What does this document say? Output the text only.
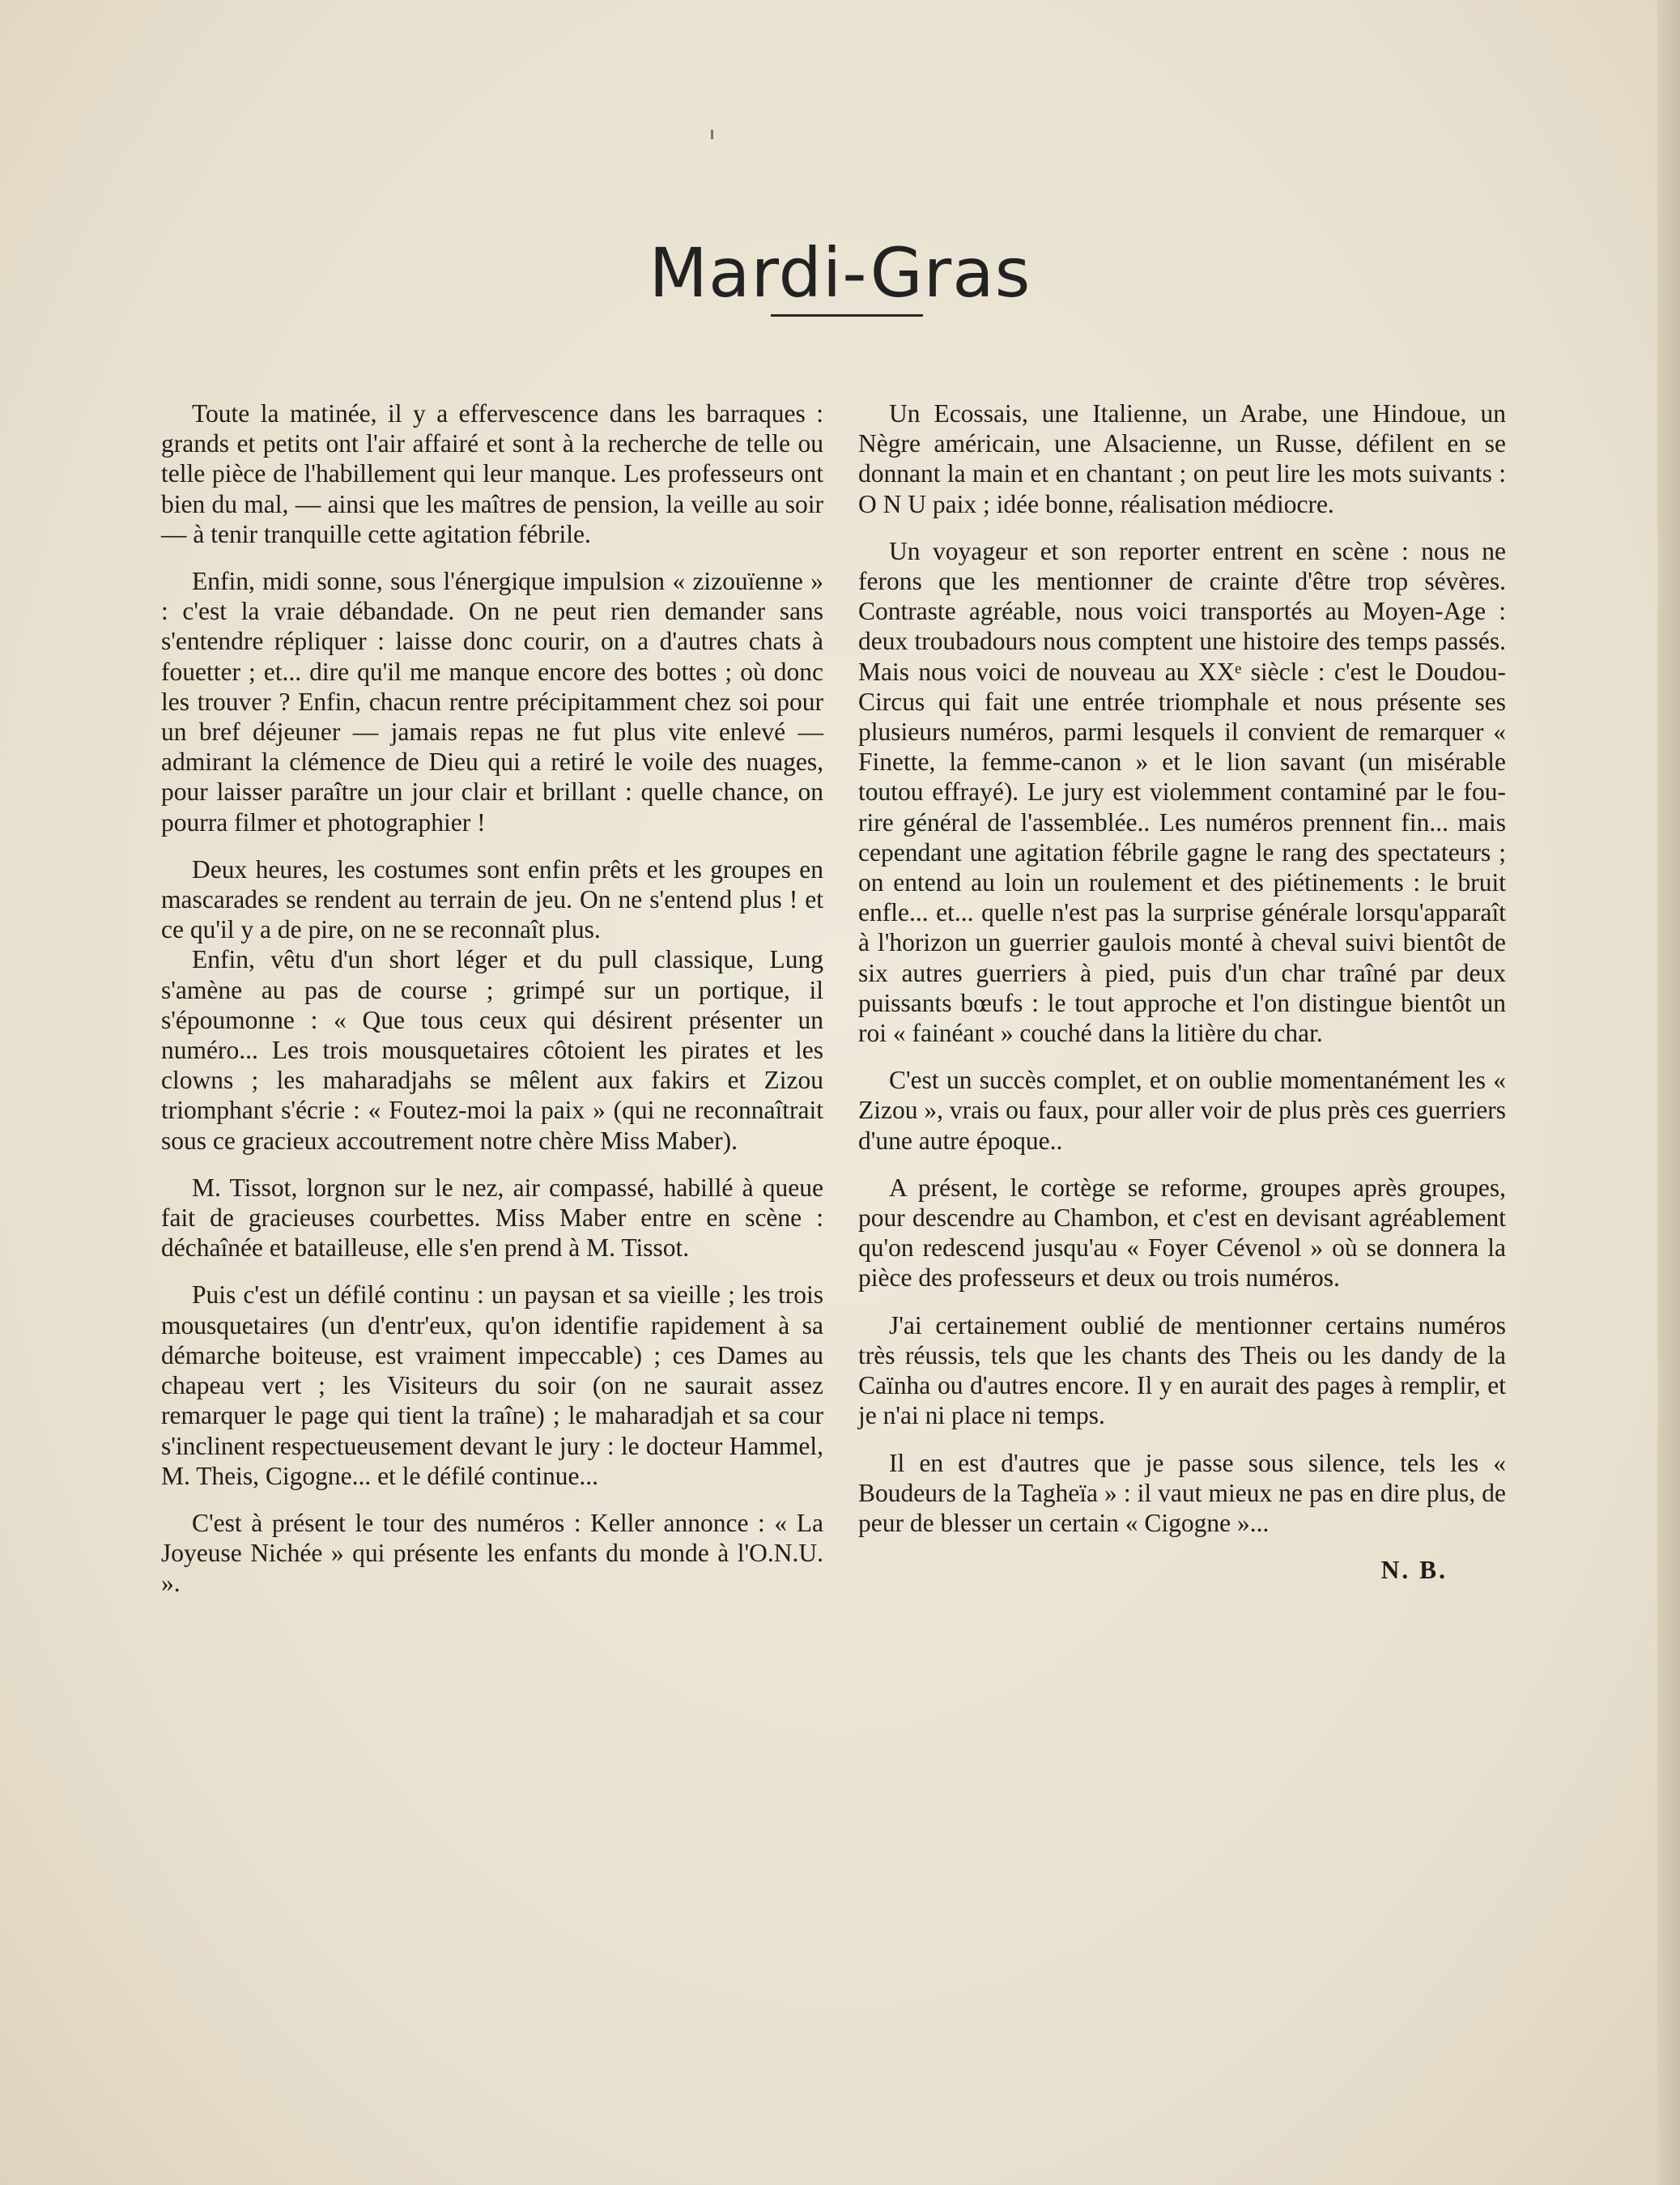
Mardi-Gras

Toute la matinée, il y a effervescence dans les barraques : grands et petits ont l'air affairé et sont à la recherche de telle ou telle pièce de l'habillement qui leur manque. Les professeurs ont bien du mal, — ainsi que les maîtres de pension, la veille au soir — à tenir tranquille cette agitation fébrile.

Enfin, midi sonne, sous l'énergique impulsion « zizouïenne » : c'est la vraie débandade. On ne peut rien demander sans s'entendre répliquer : laisse donc courir, on a d'autres chats à fouetter ; et... dire qu'il me manque encore des bottes ; où donc les trouver ? Enfin, chacun rentre précipitamment chez soi pour un bref déjeuner — jamais repas ne fut plus vite enlevé — admirant la clémence de Dieu qui a retiré le voile des nuages, pour laisser paraître un jour clair et brillant : quelle chance, on pourra filmer et photographier !

Deux heures, les costumes sont enfin prêts et les groupes en mascarades se rendent au terrain de jeu. On ne s'entend plus ! et ce qu'il y a de pire, on ne se reconnaît plus.

Enfin, vêtu d'un short léger et du pull classique, Lung s'amène au pas de course ; grimpé sur un portique, il s'époumonne : « Que tous ceux qui désirent présenter un numéro... Les trois mousquetaires côtoient les pirates et les clowns ; les maharadjahs se mêlent aux fakirs et Zizou triomphant s'écrie : « Foutez-moi la paix » (qui ne reconnaîtrait sous ce gracieux accoutrement notre chère Miss Maber).

M. Tissot, lorgnon sur le nez, air compassé, habillé à queue fait de gracieuses courbettes. Miss Maber entre en scène : déchaînée et batailleuse, elle s'en prend à M. Tissot.

Puis c'est un défilé continu : un paysan et sa vieille ; les trois mousquetaires (un d'entr'eux, qu'on identifie rapidement à sa démarche boiteuse, est vraiment impeccable) ; ces Dames au chapeau vert ; les Visiteurs du soir (on ne saurait assez remarquer le page qui tient la traîne) ; le maharadjah et sa cour s'inclinent respectueusement devant le jury : le docteur Hammel, M. Theis, Cigogne... et le défilé continue...

C'est à présent le tour des numéros : Keller annonce : « La Joyeuse Nichée » qui présente les enfants du monde à l'O.N.U. ».

Un Ecossais, une Italienne, un Arabe, une Hindoue, un Nègre américain, une Alsacienne, un Russe, défilent en se donnant la main et en chantant ; on peut lire les mots suivants : O N U paix ; idée bonne, réalisation médiocre.

Un voyageur et son reporter entrent en scène : nous ne ferons que les mentionner de crainte d'être trop sévères. Contraste agréable, nous voici transportés au Moyen-Age : deux troubadours nous comptent une histoire des temps passés. Mais nous voici de nouveau au XXᵉ siècle : c'est le Doudou-Circus qui fait une entrée triomphale et nous présente ses plusieurs numéros, parmi lesquels il convient de remarquer « Finette, la femme-canon » et le lion savant (un misérable toutou effrayé). Le jury est violemment contaminé par le fou-rire général de l'assemblée.. Les numéros prennent fin... mais cependant une agitation fébrile gagne le rang des spectateurs ; on entend au loin un roulement et des piétinements : le bruit enfle... et... quelle n'est pas la surprise générale lorsqu'apparaît à l'horizon un guerrier gaulois monté à cheval suivi bientôt de six autres guerriers à pied, puis d'un char traîné par deux puissants bœufs : le tout approche et l'on distingue bientôt un roi « fainéant » couché dans la litière du char.

C'est un succès complet, et on oublie momentanément les « Zizou », vrais ou faux, pour aller voir de plus près ces guerriers d'une autre époque..

A présent, le cortège se reforme, groupes après groupes, pour descendre au Chambon, et c'est en devisant agréablement qu'on redescend jusqu'au « Foyer Cévenol » où se donnera la pièce des professeurs et deux ou trois numéros.

J'ai certainement oublié de mentionner certains numéros très réussis, tels que les chants des Theis ou les dandy de la Caïnha ou d'autres encore. Il y en aurait des pages à remplir, et je n'ai ni place ni temps.

Il en est d'autres que je passe sous silence, tels les « Boudeurs de la Tagheïa » : il vaut mieux ne pas en dire plus, de peur de blesser un certain « Cigogne »...

N. B.
